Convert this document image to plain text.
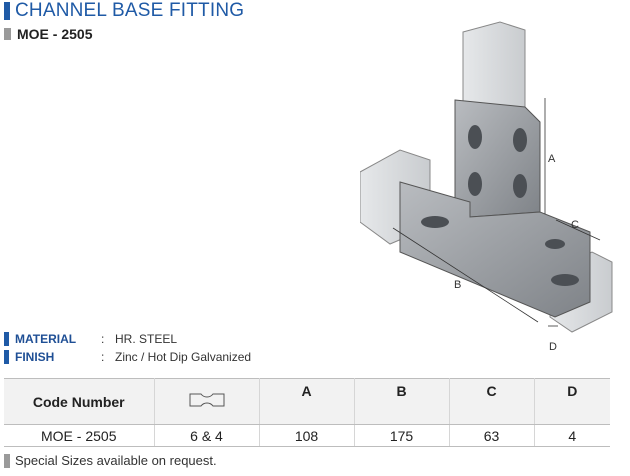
CHANNEL BASE FITTING
MOE - 2505
A
B
C
D
MATERIAL	: HR. STEEL
FINISH	: Zinc / Hot Dip Galvanized
Code Number		A	B	C	D
MOE - 2505	6 & 4	108	175	63	4
Special Sizes available on request.
